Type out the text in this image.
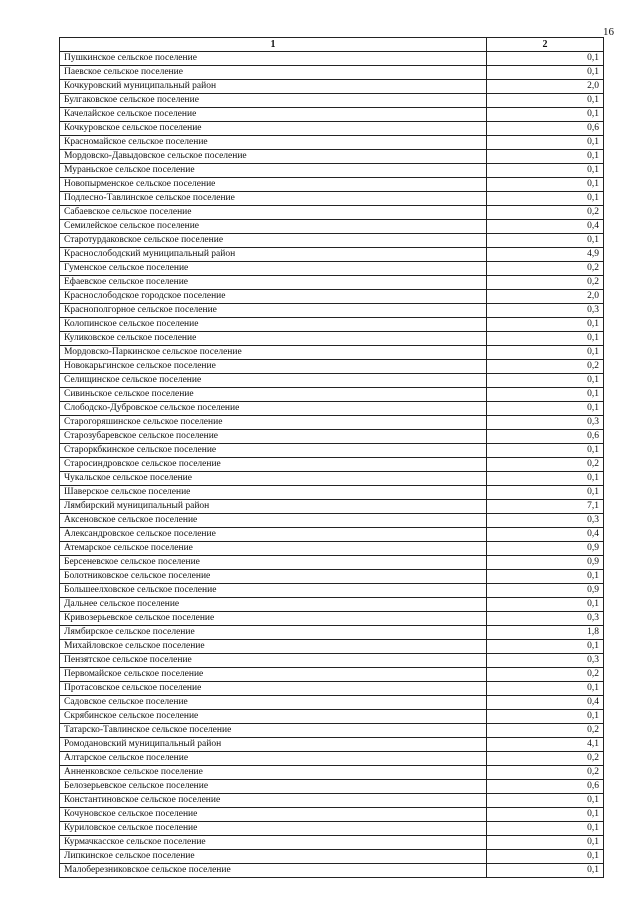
16
1	2
Пушкинское сельское поселение	0,1
Паевское сельское поселение	0,1
Кочкуровский муниципальный район	2,0
Булгаковское сельское поселение	0,1
Качелайское сельское поселение	0,1
Кочкуровское сельское поселение	0,6
Красномайское сельское поселение	0,1
Мордовско-Давыдовское сельское поселение	0,1
Мураньское сельское поселение	0,1
Новопырменское сельское поселение	0,1
Подлесно-Тавлинское сельское поселение	0,1
Сабаевское сельское поселение	0,2
Семилейское сельское поселение	0,4
Старотурдаковское сельское поселение	0,1
Краснослободский муниципальный район	4,9
Гуменское сельское поселение	0,2
Ефаевское сельское поселение	0,2
Краснослободское городское поселение	2,0
Краснополгорное сельское поселение	0,3
Колопинское сельское поселение	0,1
Куликовское сельское поселение	0,1
Мордовско-Паркинское сельское поселение	0,1
Новокарьгинское сельское поселение	0,2
Селищинское сельское поселение	0,1
Сивиньское сельское поселение	0,1
Слободско-Дубровское сельское поселение	0,1
Старогоряшинское сельское поселение	0,3
Старозубаревское сельское поселение	0,6
Староркбкинское сельское поселение	0,1
Старосиндровское сельское поселение	0,2
Чукальское сельское поселение	0,1
Шаверское сельское поселение	0,1
Лямбирский муниципальный район	7,1
Аксеновское сельское поселение	0,3
Александровское сельское поселение	0,4
Атемарское сельское поселение	0,9
Берсеневское сельское поселение	0,9
Болотниковское сельское поселение	0,1
Большеелховское сельское поселение	0,9
Дальнее сельское поселение	0,1
Кривозерьевское сельское поселение	0,3
Лямбирское сельское поселение	1,8
Михайловское сельское поселение	0,1
Пензятское сельское поселение	0,3
Первомайское сельское поселение	0,2
Протасовское сельское поселение	0,1
Садовское сельское поселение	0,4
Скрябинское сельское поселение	0,1
Татарско-Тавлинское сельское поселение	0,2
Ромодановский муниципальный район	4,1
Алтарское сельское поселение	0,2
Анненковское сельское поселение	0,2
Белозерьевское сельское поселение	0,6
Константиновское сельское поселение	0,1
Кочуновское сельское поселение	0,1
Куриловское сельское поселение	0,1
Курмачкасское сельское поселение	0,1
Липкинское сельское поселение	0,1
Малоберезниковское сельское поселение	0,1
